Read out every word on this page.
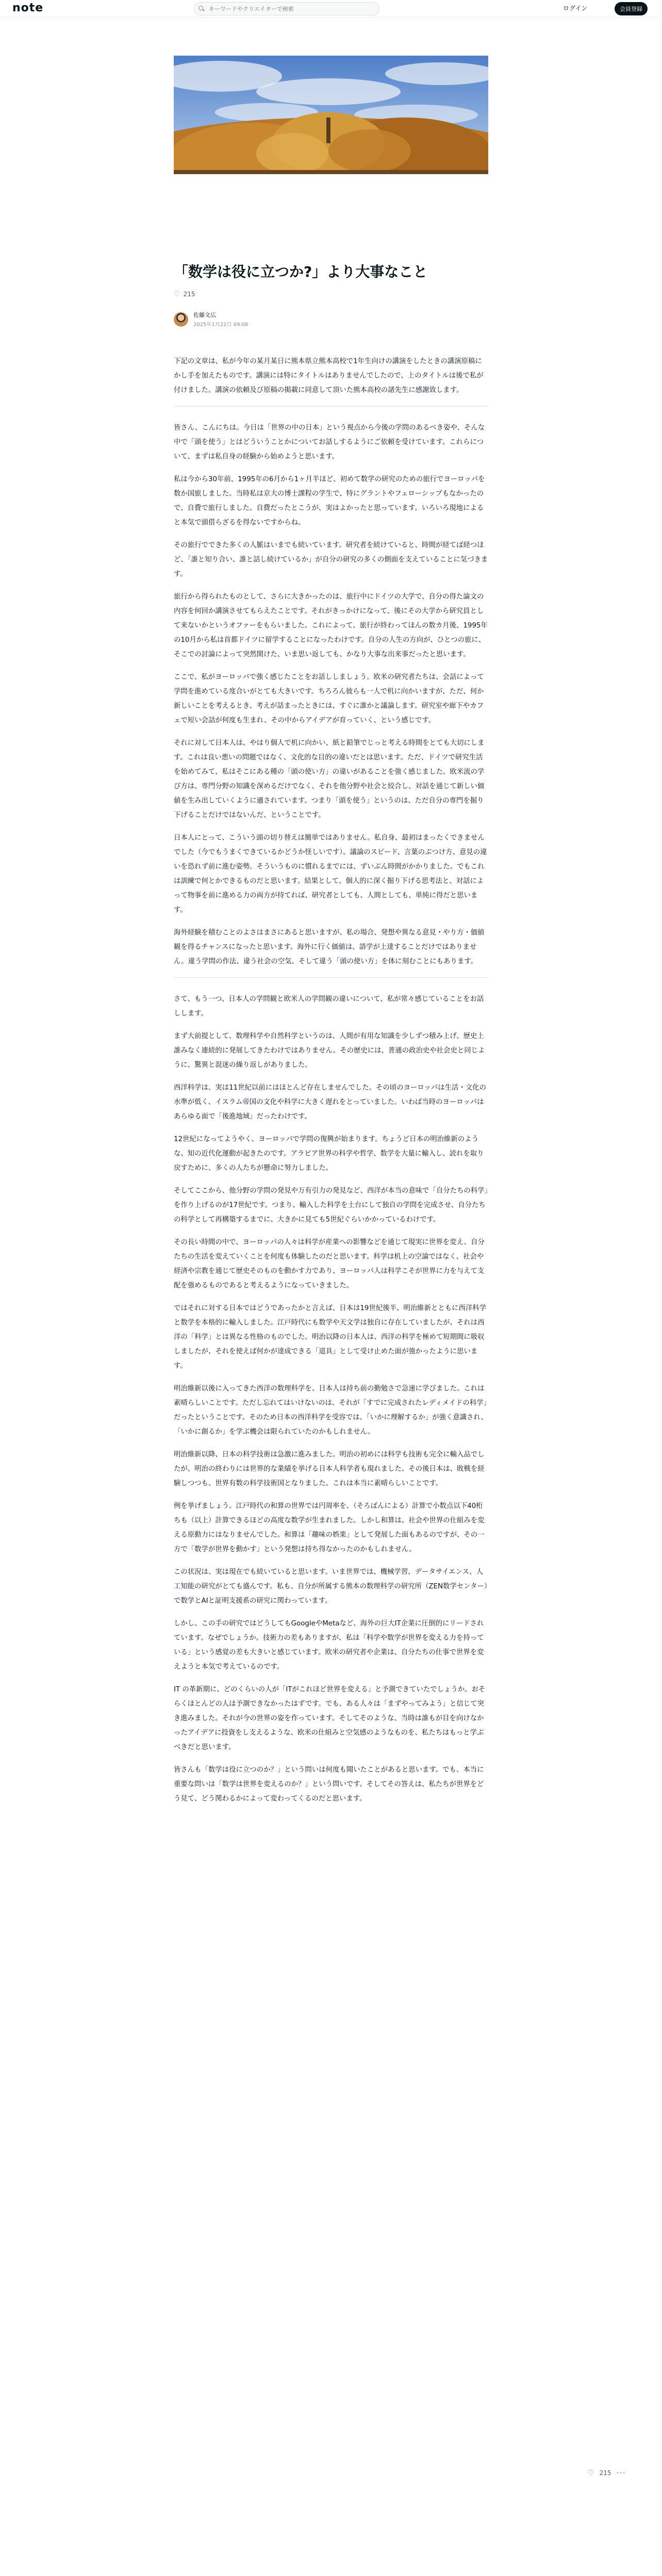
note
キーワードやクリエイターで検索	ログイン	会員登録
「数学は役に立つか?」より大事なこと
♡ 215
佐藤文広
2025年1月22日 09:06

下記の文章は、私が今年の某月某日に熊本県立熊本高校で1年生向けの講演をしたときの講演原稿にかし手を加えたものです。講演には特にタイトルはありませんでしたので、上のタイトルは後で私が付けました。講演の依頼及び原稿の掲載に同意して頂いた熊本高校の諸先生に感謝致します。

皆さん、こんにちは。今日は「世界の中の日本」という視点から今後の学問のあるべき姿や、そんな中で「頭を使う」とはどういうことかについてお話しするようにご依頼を受けています。これらについて、まずは私自身の経験から始めようと思います。

私は今から30年前、1995年の6月から1ヶ月半ほど、初めて数学の研究のための旅行でヨーロッパを数か国旅しました。当時私は京大の博士課程の学生で、特にグラントやフェローシップもなかったので、自費で旅行しました。自費だったとこうが、実はよかったと思っています。いろいろ現地によると本気で頭借らざるを得ないですからね。

その旅行でできた多くの人脈はいまでも続いています。研究者を続けていると、時間が経てば経つほど、「誰と知り合い、誰と話し続けているか」が自分の研究の多くの側面を支えていることに気づきます。

旅行から得られたものとして、さらに大きかったのは、旅行中にドイツの大学で、自分の得た論文の内容を何回か講演させてもらえたことです。それがきっかけになって、後にその大学から研究員として来ないかというオファーをもらいました。これによって、旅行が終わってほんの数カ月後、1995年の10月から私は首都ドイツに留学することになったわけです。自分の人生の方向が、ひとつの旅に、そこでの討論によって突然開けた、いま思い返しても、かなり大事な出来事だったと思います。

ここで、私がヨーロッパで強く感じたことをお話ししましょう。欧米の研究者たちは、会話によって学問を進めている度合いがとても大きいです。ちろろん彼らも一人で机に向かいますが、ただ、何か新しいことを考えるとき、考えが話まったときには、すぐに誰かと議論します。研究室や廊下やカフェで短い会話が何度も生まれ、その中からアイデアが育っていく、という感じです。

それに対して日本人は、やはり個人で机に向かい、紙と鉛筆でじっと考える時間をとても大切にします。これは良い悪いの問題ではなく、文化的な目的の違いだとは思います。ただ、ドイツで研究生活を始めてみて、私はそこにある種の「頭の使い方」の違いがあることを強く感じました。欧米流の学び方は、専門分野の知識を深めるだけでなく、それを他分野や社会と絞合し、対話を通じて新しい価値を生み出していくように適されています。つまり「頭を使う」というのは、ただ自分の専門を掘り下げることだけではないんだ、ということです。

日本人にとって、こういう頭の切り替えは簡単ではありません。私自身、最初はまったくできませんでした（今でもうまくできているかどうか怪しいです）。議論のスピード、言葉のぶつけ方、意見の違いを恐れず前に進む姿勢。そういうものに慣れるまでには、ずいぶん時間がかかりました。でもこれは訓練で何とかできるものだと思います。結果として、個人的に深く掘り下げる思考法と、対話によって物事を前に進める力の両方が持てれば、研究者としても、人間としても、単純に得だと思います。

海外経験を積むことのよさはまさにあると思いますが、私の場合、発想や異なる意見・やり方・価値観を得るチャンスになったと思います。海外に行く価値は、語学が上達することだけではありません。違う学問の作法、違う社会の空気、そして違う「頭の使い方」を体に刻むことにもあります。

さて、もう一つ、日本人の学問観と欧米人の学問観の違いについて、私が常々感じていることをお話しします。

まず大前提として、数理科学や自然科学というのは、人間が有用な知識を少しずつ積み上げ、歴史上誰みなく連続的に発展してきたわけではありません。その歴史には、普通の政治史や社会史と同じように、驚異と混迷の繰り返しがありました。

西洋科学は、実は11世紀以前にはほとんど存在しませんでした。その頃のヨーロッパは生活・文化の水準が低く、イスラム帝国の文化や科学に大きく遅れをとっていました。いわば当時のヨーロッパはあらゆる面で「後進地域」だったわけです。

12世紀になってようやく、ヨーロッパで学問の復興が始まります。ちょうど日本の明治維新のような、知の近代化運動が起きたのです。アラビア世界の科学や哲学、数学を大量に輸入し、読れを取り戻すために、多くの人たちが懸命に努力しました。

そしてここから、他分野の学問の発見や万有引力の発見など、西洋が本当の意味で「自分たちの科学」を作り上げるのが17世紀です。つまり、輸入した科学を土台にして独自の学問を完成させ、自分たちの科学として再構築するまでに、大きかに見ても5世紀ぐらいかかっているわけです。

その長い時間の中で、ヨーロッパの人々は科学が産業への影響などを通じて現実に世界を変え、自分たちの生活を変えていくことを何度も体験したのだと思います。科学は机上の空論ではなく、社会や経済や宗教を通じて歴史そのものを動かす力であり、ヨーロッパ人は科学こそが世界に力を与えて支配を強めるものであると考えるようになっていきました。

ではそれに対する日本ではどうであったかと言えば、日本は19世紀後半、明治維新とともに西洋科学と数学を本格的に輸入しました。江戸時代にも数学や天文学は独自に存在していましたが、それは西洋の「科学」とは異なる性格のものでした。明治以降の日本人は、西洋の科学を極めて短期間に吸収しましたが、それを使えば何かが達成できる「道具」として受け止めた面が強かったように思います。

明治維新以後に入ってきた西洋の数理科学を、日本人は持ち前の勤勉さで急速に学びました。これは素晴らしいことです。ただし忘れてはいけないのは、それが「すでに完成されたレディメイドの科学」だったということです。そのため日本の西洋科学を受容では、「いかに理解するか」が強く意識され、「いかに創るか」を学ぶ機会は限られていたのかもしれません。

明治維新以降、日本の科学技術は急激に進みました。明治の初めには科学も技術も完全に輸入品でしたが、明治の終わりには世界的な業績を挙げる日本人科学者も現れました。その後日本は、敗戦を経験しつつも、世界有数の科学技術国となりました。これは本当に素晴らしいことです。

例を挙げましょう。江戸時代の和算の世界では円周率を、（そろばんによる）計算で小数点以下40桁ちも（以上）計算できるほどの高度な数学が生まれました。しかし和算は、社会や世界の仕組みを変える原動力にはなりませんでした。和算は「趣味の娯楽」として発展した面もあるのですが、その一方で「数学が世界を動かす」という発想は持ち得なかったのかもしれません。

この状況は、実は現在でも続いていると思います。いま世界では、機械学習、データサイエンス、人工知能の研究がとても盛んです。私も、自分が所属する熊本の数理科学の研究所（ZEN数学センター）で数学とAIと証明支援系の研究に関わっています。

しかし、この手の研究ではどうしてもGoogleやMetaなど、海外の巨大IT企業に圧倒的にリードされています。なぜでしょうか。技術力の差もありますが、私は「科学や数学が世界を変える力を持っている」という感覚の差も大きいと感じています。欧米の研究者や企業は、自分たちの仕事で世界を変えようと本気で考えているのです。

IT の革新期に、どのくらいの人が「ITがこれほど世界を変える」と予測できていたでしょうか。おそらくほとんどの人は予測できなかったはずです。でも、ある人々は「まずやってみよう」と信じて突き進みました。それが今の世界の姿を作っています。そしてそのような、当時は誰もが目を向けなかったアイデアに投資をし支えるような、欧米の仕組みと空気感のようなものを、私たちはもっと学ぶべきだと思います。

皆さんも「数学は役に立つのか？」という問いは何度も聞いたことがあると思います。でも、本当に重要な問いは「数学は世界を変えるのか？」という問いです。そしてその答えは、私たちが世界をどう見て、どう関わるかによって変わってくるのだと思います。

♡ 215 ···
